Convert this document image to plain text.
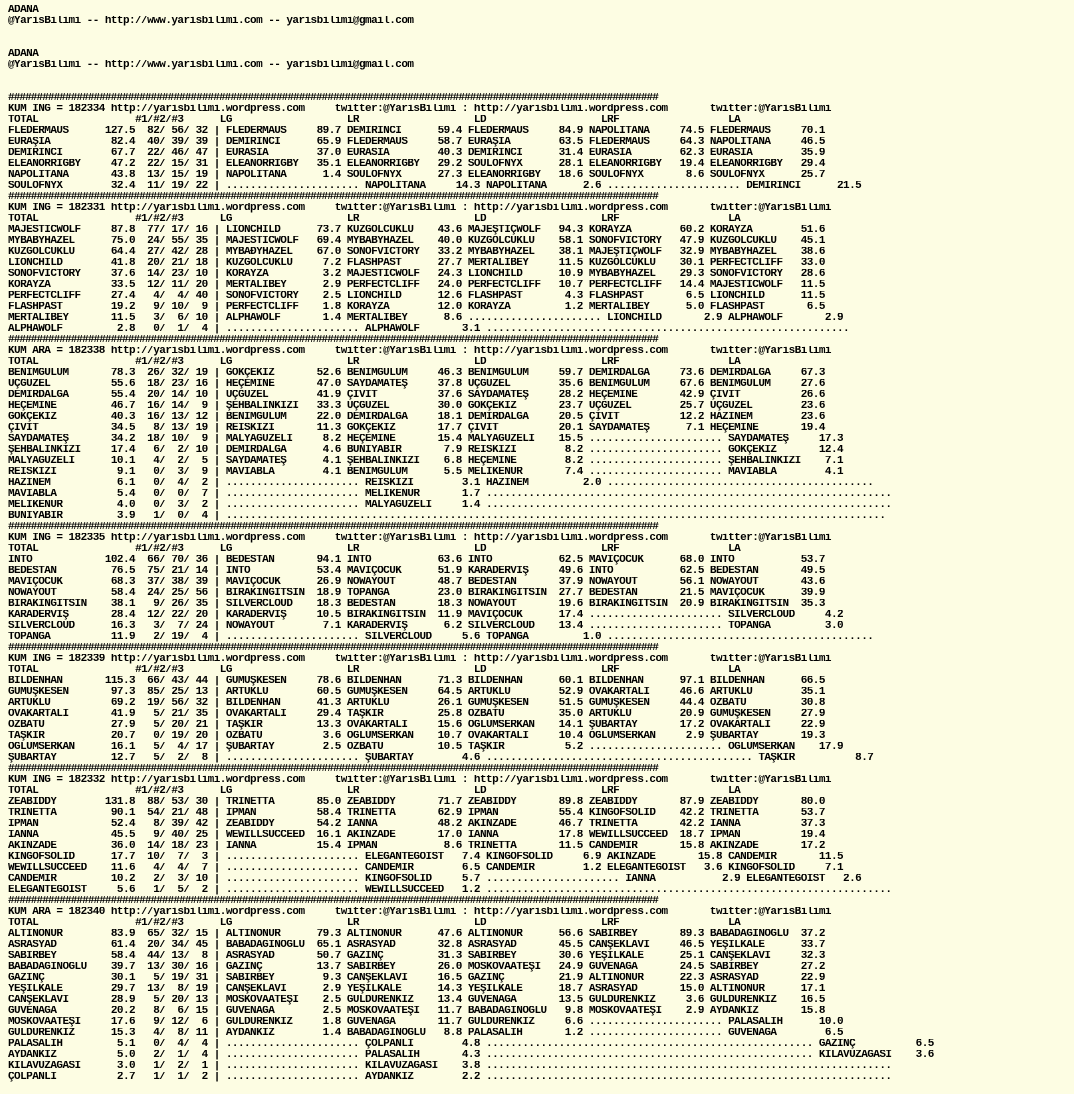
ADANA
@YarisBilimi -- http://www.yarisbilimi.com -- yarisbilimi@gmail.com
ADANA
@YarisBilimi -- http://www.yarisbilimi.com -- yarisbilimi@gmail.com
##################################################################################################################
KUM ING = 182334 http://yarisbilimi.wordpress.com     twitter:@YarisBilimi : http://yarisbilimi.wordpress.com       twitter:@YarisBilimi
TOTAL                #1/#2/#3      LG                   LR                   LD                   LRF                  LA
FLEDERMAUS      127.5  82/ 56/ 32 | FLEDERMAUS     89.7 DEMİRİNCİ      59.4 FLEDERMAUS     84.9 NAPOLITANA     74.5 FLEDERMAUS     70.1
EURAŞIA          82.4  40/ 39/ 39 | DEMİRİNCİ      65.9 FLEDERMAUS     58.7 EURAŞIA        63.5 FLEDERMAUS     64.3 NAPOLITANA     46.5
DEMİRİNCİ        67.7  22/ 46/ 47 | EURASIA        37.0 EURASIA        40.3 DEMİRİNCİ      31.4 EURASIA        62.3 EURASIA        35.9
ELEANORRIGBY     47.2  22/ 15/ 31 | ELEANORRIGBY   35.1 ELEANORRIGBY   29.2 SOULOFNYX      28.1 ELEANORRIGBY   19.4 ELEANORRIGBY   29.4
NAPOLITANA       43.8  13/ 15/ 19 | NAPOLITANA      1.4 SOULOFNYX      27.3 ELEANORRIGBY   18.6 SOULOFNYX       8.6 SOULOFNYX      25.7
SOULOFNYX        32.4  11/ 19/ 22 | ...................... NAPOLITANA     14.3 NAPOLITANA      2.6 ...................... DEMİRİNCİ      21.5
##################################################################################################################
KUM ING = 182331 http://yarisbilimi.wordpress.com     twitter:@YarisBilimi : http://yarisbilimi.wordpress.com       twitter:@YarisBilimi
TOTAL                #1/#2/#3      LG                   LR                   LD                   LRF                  LA
MAJESTICWOLF     87.8  77/ 17/ 16 | LIONCHILD      73.7 KUZGOLCÜKLÜ    43.6 MAJEŞTİÇWOLF   94.3 KORAYZA        60.2 KORAYZA        51.6
MYBABYHAZEL      75.0  24/ 55/ 35 | MAJESTICWOLF   69.4 MYBABYHAZEL    40.0 KUZGOLCUKLU    58.1 SONOFVICTORY   47.9 KUZGOLCÜKLÜ    45.1
KUZGOLCUKLU      64.4  27/ 42/ 28 | MYBAĐYHAZEL    67.0 SONOFVICTORY   33.2 MYBABYHAZEL    38.1 MAJEŞTİÇWOLF   32.9 MYBABYHAZEL    38.6
LIONCHILD        41.8  20/ 21/ 18 | KUZGOLCUKLU     7.2 FLASHPAST      27.7 MERTALİBEY     11.5 KUZGOLCUKLU    30.1 PERFECTCLIFF   33.0
SONOFVICTORY     37.6  14/ 23/ 10 | KORAYZA         3.2 MAJESTICWOLF   24.3 LIONCHILD      10.9 MYBABYHAZEL    29.3 SONOFVICTORY   28.6
KORAYZA          33.5  12/ 11/ 20 | MERTALIBEY      2.9 PERFECTCLIFF   24.0 PERFECTCLIFF   10.7 PERFECTCLIFF   14.4 MAJESTICWOLF   11.5
PERFECTCLIFF     27.4   4/  4/ 40 | SONOFVICTORY    2.5 LIONCHILD      12.6 FLASHPAST       4.3 FLASHPAST       6.5 LIONCHILD      11.5
FLASHPAST        19.2   9/ 10/  9 | PERFECTCLIFF    1.8 KORAYZA        12.0 KORAYZA         1.2 MERTALIBEY      5.0 FLASHPAST       6.5
MERTALIBEY       11.5   3/  6/ 10 | ALPHAWOLF       1.4 MERTALIBEY      8.6 ...................... LIONCHILD       2.9 ALPHAWOLF       2.9
ALPHAWOLF         2.8   0/  1/  4 | ...................... ALPHAWOLF       3.1 ............................................................
##################################################################################################################
KUM ARA = 182338 http://yarisbilimi.wordpress.com     twitter:@YarisBilimi : http://yarisbilimi.wordpress.com       twitter:@YarisBilimi
TOTAL                #1/#2/#3      LG                   LR                   LD                   LRF                  LA
BENİMGÜLÜM       78.3  26/ 32/ 19 | GÖKÇEKIZ       52.6 BENİMGÜLÜM     46.3 BENİMGÜLÜM     59.7 DEMİRDALGA     73.6 DEMİRDALGA     67.3
ÜÇGÜZEL          55.6  18/ 23/ 16 | HEÇEMİNE       47.0 SAYDAMATEŞ     37.8 ÜÇGÜZEL        35.6 BENİMGÜLÜM     67.6 BENİMGÜLÜM     27.6
DEMİRDALGA       55.4  20/ 14/ 10 | ÜÇGÜZEL        41.9 ÇİVİT          37.6 SAYDAMATEŞ     28.2 HEÇEMİNE       42.9 ÇİVİT          26.6
HEÇEMİNE         46.7  16/ 14/  9 | ŞEHBALİNKİZI   33.3 ÜÇGÜZEL        30.0 GÖKÇEKIZ       23.7 ÜÇGÜZEL        25.7 ÜÇGÜZEL        23.6
GÖKÇEKIZ         40.3  16/ 13/ 12 | BENİMGÜLÜM     22.0 DEMİRDALGA     18.1 DEMİRDALGA     20.5 ÇİVİT          12.2 HAZİNEM        23.6
ÇİVİT            34.5   8/ 13/ 19 | REİSKİZİ       11.3 GÖKÇEKIZ       17.7 ÇİVİT          20.1 SAYDAMATEŞ      7.1 HEÇEMİNE       19.4
SAYDAMATEŞ       34.2  18/ 10/  9 | MALYAGÜZELİ     8.2 HEÇEMİNE       15.4 MALYAGÜZELİ    15.5 ...................... SAYDAMATEŞ     17.3
ŞEHBALİNKİZİ     17.4   6/  2/ 10 | DEMİRDALGA      4.6 BUNİYABİR       7.9 REİSKİZİ        8.2 ...................... GÖKÇEKIZ       12.4
MALYAGÜZELİ      10.1   4/  2/  5 | SAYDAMATEŞ      4.1 ŞEHBALİNKİZİ    6.8 HEÇEMİNE        8.2 ...................... ŞEHBALİNKİZİ    7.1
REİSKİZİ          9.1   0/  3/  9 | MAVİABLA        4.1 BENİMGÜLÜM      5.5 MELİKENUR       7.4 ...................... MAVİABLA        4.1
HAZİNEM           6.1   0/  4/  2 | ...................... REİSKİZİ        3.1 HAZİNEM         2.0 ............................................
MAVİABLA          5.4   0/  0/  7 | ...................... MELİKENUR       1.7 ...................................................................
MELİKENUR         4.0   0/  3/  2 | ...................... MALYAGÜZELİ     1.4 ...................................................................
BUNİYABİR         3.9   1/  0/  4 | .............................................................................................................
##################################################################################################################
KUM ING = 182335 http://yarisbilimi.wordpress.com     twitter:@YarisBilimi : http://yarisbilimi.wordpress.com       twitter:@YarisBilimi
TOTAL                #1/#2/#3      LG                   LR                   LD                   LRF                  LA
INTO            102.4  66/ 70/ 36 | BEDESTAN       94.1 INTO           63.6 INTO           62.5 MAVİÇOCUK      68.0 INTO           53.7
BEDESTAN         76.5  75/ 21/ 14 | INTO           53.4 MAVİÇOCUK      51.9 KARADERVİŞ     49.6 INTO           62.5 BEDESTAN       49.5
MAVİÇOCUK        68.3  37/ 38/ 39 | MAVİÇOCUK      26.9 NOWAYOUT       48.7 BEDESTAN       37.9 NOWAYOUT       56.1 NOWAYOUT       43.6
NOWAYOUT         58.4  24/ 25/ 56 | BIRAKİNGİTSİN  18.9 TOPANGA        23.0 BIRAKİNGİTSİN  27.7 BEDESTAN       21.5 MAVİÇOCUK      39.9
BIRAKINGİTSİN    38.1   9/ 26/ 35 | SILVERCLOUD    18.3 BEDESTAN       18.3 NOWAYOUT       19.6 BIRAKİNGİTSİN  20.9 BIRAKİNGİTSİN  35.3
KARADERVİŞ       28.4  12/ 22/ 20 | KARADERVİŞ     10.5 BIRAKİNGİTSİN  11.9 MAVİÇOCUK      17.4 ...................... SILVERCLOUD     4.2
SILVERCLOUD      16.3   3/  7/ 24 | NOWAYOUT        7.1 KARADERVİŞ      6.2 SILVERCLOUD    13.4 ...................... TOPANGA         3.0
TOPANGA          11.9   2/ 19/  4 | ...................... SILVERCLOUD     5.6 TOPANGA         1.0 ............................................
##################################################################################################################
KUM ING = 182339 http://yarisbilimi.wordpress.com     twitter:@YarisBilimi : http://yarisbilimi.wordpress.com       twitter:@YarisBilimi
TOTAL                #1/#2/#3      LG                   LR                   LD                   LRF                  LA
BİLDENHAN       115.3  66/ 43/ 44 | GÜMÜŞKESEN     78.6 BİLDENHAN      71.3 BİLDENHAN      60.1 BİLDENHAN      97.1 BİLDENHAN      66.5
GÜMÜŞKESEN       97.3  85/ 25/ 13 | ARTUKLU        60.5 GÜMÜŞKESEN     64.5 ARTUKLU        52.9 OVAKARTALI     46.6 ARTUKLU        35.1
ARTUKLU          69.2  19/ 56/ 32 | BİLDENHAN      41.3 ARTUKLU        26.1 GÜMÜŞKESEN     51.5 GÜMÜŞKESEN     44.4 OZBATU         30.8
OVAKARTALI       41.9   5/ 21/ 35 | OVAKARTALI     29.4 TAŞKIR         25.8 OZBATU         35.0 ARTUKLU        20.9 GÜMÜŞKESEN     27.9
OZBATU           27.9   5/ 20/ 21 | TAŞKIR         13.3 OVAKARTALI     15.6 OĞLUMSERKAN    14.1 ŞUBARTAY       17.2 OVAKARTALI     22.9
TAŞKIR           20.7   0/ 19/ 20 | OZBATU          3.6 OĞLUMSERKAN    10.7 OVAKARTALI     10.4 OĞLUMSERKAN     2.9 ŞUBARTAY       19.3
OĞLUMSERKAN      16.1   5/  4/ 17 | ŞUBARTAY        2.5 OZBATU         10.5 TAŞKIR          5.2 ...................... OĞLUMSERKAN    17.9
ŞUBARTAY         12.7   5/  2/  8 | ...................... ŞUBARTAY        4.6 ............................................ TAŞKIR          8.7
##################################################################################################################
KUM ING = 182332 http://yarisbilimi.wordpress.com     twitter:@YarisBilimi : http://yarisbilimi.wordpress.com       twitter:@YarisBilimi
TOTAL                #1/#2/#3      LG                   LR                   LD                   LRF                  LA
ZEABIDDY        131.8  88/ 53/ 30 | TRİNETTA       85.0 ZEABIDDY       71.7 ZEABIDDY       89.8 ZEABIDDY       87.9 ZEABIDDY       80.0
TRİNETTA         90.1  54/ 21/ 48 | IPMAN          58.4 TRİNETTA       62.9 IPMAN          55.4 KINGOFSOLID    42.2 TRİNETTA       53.7
IPMAN            52.4   8/ 39/ 42 | ZEABIDDY       54.2 IANNA          48.2 AKINZADE       46.7 TRİNETTA       42.2 IANNA          37.3
IANNA            45.5   9/ 40/ 25 | WEWILLSUCCEED  16.1 AKINZADE       17.0 IANNA          17.8 WEWILLSUCCEED  18.7 IPMAN          19.4
AKINZADE         36.0  14/ 18/ 23 | IANNA          15.4 IPMAN           8.6 TRİNETTA       11.5 CANDEMİR       15.8 AKINZADE       17.2
KINGOFSOLID      17.7  10/  7/  3 | ...................... ELEGANTEGOIST   7.4 KINGOFSOLID     6.9 AKINZADE       15.8 CANDEMİR       11.5
WEWILLSUCCEED    11.6   4/  4/  7 | ...................... CANDEMİR        6.5 CANDEMİR        1.2 ELEGANTEGOIST   3.6 KINGOFSOLID     7.1
CANDEMİR         10.2   2/  3/ 10 | ...................... KINGOFSOLID     5.7 ...................... IANNA           2.9 ELEGANTEGOIST   2.6
ELEGANTEGOIST     5.6   1/  5/  2 | ...................... WEWILLSUCCEED   1.2 ...................................................................
##################################################################################################################
KUM ARA = 182340 http://yarisbilimi.wordpress.com     twitter:@YarisBilimi : http://yarisbilimi.wordpress.com       twitter:@YarisBilimi
TOTAL                #1/#2/#3      LG                   LR                   LD                   LRF                  LA
ALTINONUR        83.9  65/ 32/ 15 | ALTINONUR      79.3 ALTINONUR      47.6 ALTINONUR      56.6 SABIRBEY       89.3 BABADAĞINOĞLU  37.2
ASRASYAD         61.4  20/ 34/ 45 | BABADAĞINOĞLU  65.1 ASRASYAD       32.8 ASRASYAD       45.5 CANŞEKLAVİ     46.5 YEŞİLKALE      33.7
SABIRBEY         58.4  44/ 13/  8 | ASRASYAD       50.7 GAZİNÇ         31.3 SABIRBEY       30.6 YEŞİLKALE      25.1 CANŞEKLAVİ     32.3
BABADAĞINOĞLU    39.7  13/ 30/ 16 | GAZİNÇ         13.7 SABIRBEY       26.0 MOSKOVAATEŞİ   24.9 GÜVENAGA       24.5 SABIRBEY       27.2
GAZİNÇ           30.1   5/ 19/ 31 | SABIRBEY        9.3 CANŞEKLAVİ     16.5 GAZİNÇ         21.9 ALTINONUR      22.3 ASRASYAD       22.9
YEŞİLKALE        29.7  13/  8/ 19 | CANŞEKLAVİ      2.9 YEŞİLKALE      14.3 YEŞİLKALE      18.7 ASRASYAD       15.0 ALTINONUR      17.1
CANŞEKLAVİ       28.9   5/ 20/ 13 | MOSKOVAATEŞİ    2.5 GÜLDURENKIZ    13.4 GÜVENAGA       13.5 GÜLDURENKIZ     3.6 GÜLDURENKIZ    16.5
GÜVENAGA         20.2   8/  6/ 15 | GÜVENAGA        2.5 MOSKOVAATEŞİ   11.7 BABADAĞINOĞLU   9.8 MOSKOVAATEŞİ    2.9 AYDANKIZ       15.8
MOSKOVAATEŞİ     17.6   9/ 12/  6 | GÜLDURENKIZ     1.8 GÜVENAGA       11.7 GÜLDURENKIZ     6.6 ...................... PALASALİH      10.0
GÜLDURENKIZ      15.3   4/  8/ 11 | AYDANKIZ        1.4 BABADAĞINOĞLU   8.8 PALASALİH       1.2 ...................... GÜVENAGA        6.5
PALASALİH         5.1   0/  4/  4 | ...................... ÇOLPANLI        4.8 ...................................................... GAZİNÇ          6.5
AYDANKIZ          5.0   2/  1/  4 | ...................... PALASALİH       4.3 ...................................................... KILAVUZAĞASI    3.6
KILAVUZAĞASI      3.0   1/  2/  1 | ...................... KILAVUZAĞASI    3.8 ...................................................................
ÇOLPANLI          2.7   1/  1/  2 | ...................... AYDANKIZ        2.2 ...................................................................
